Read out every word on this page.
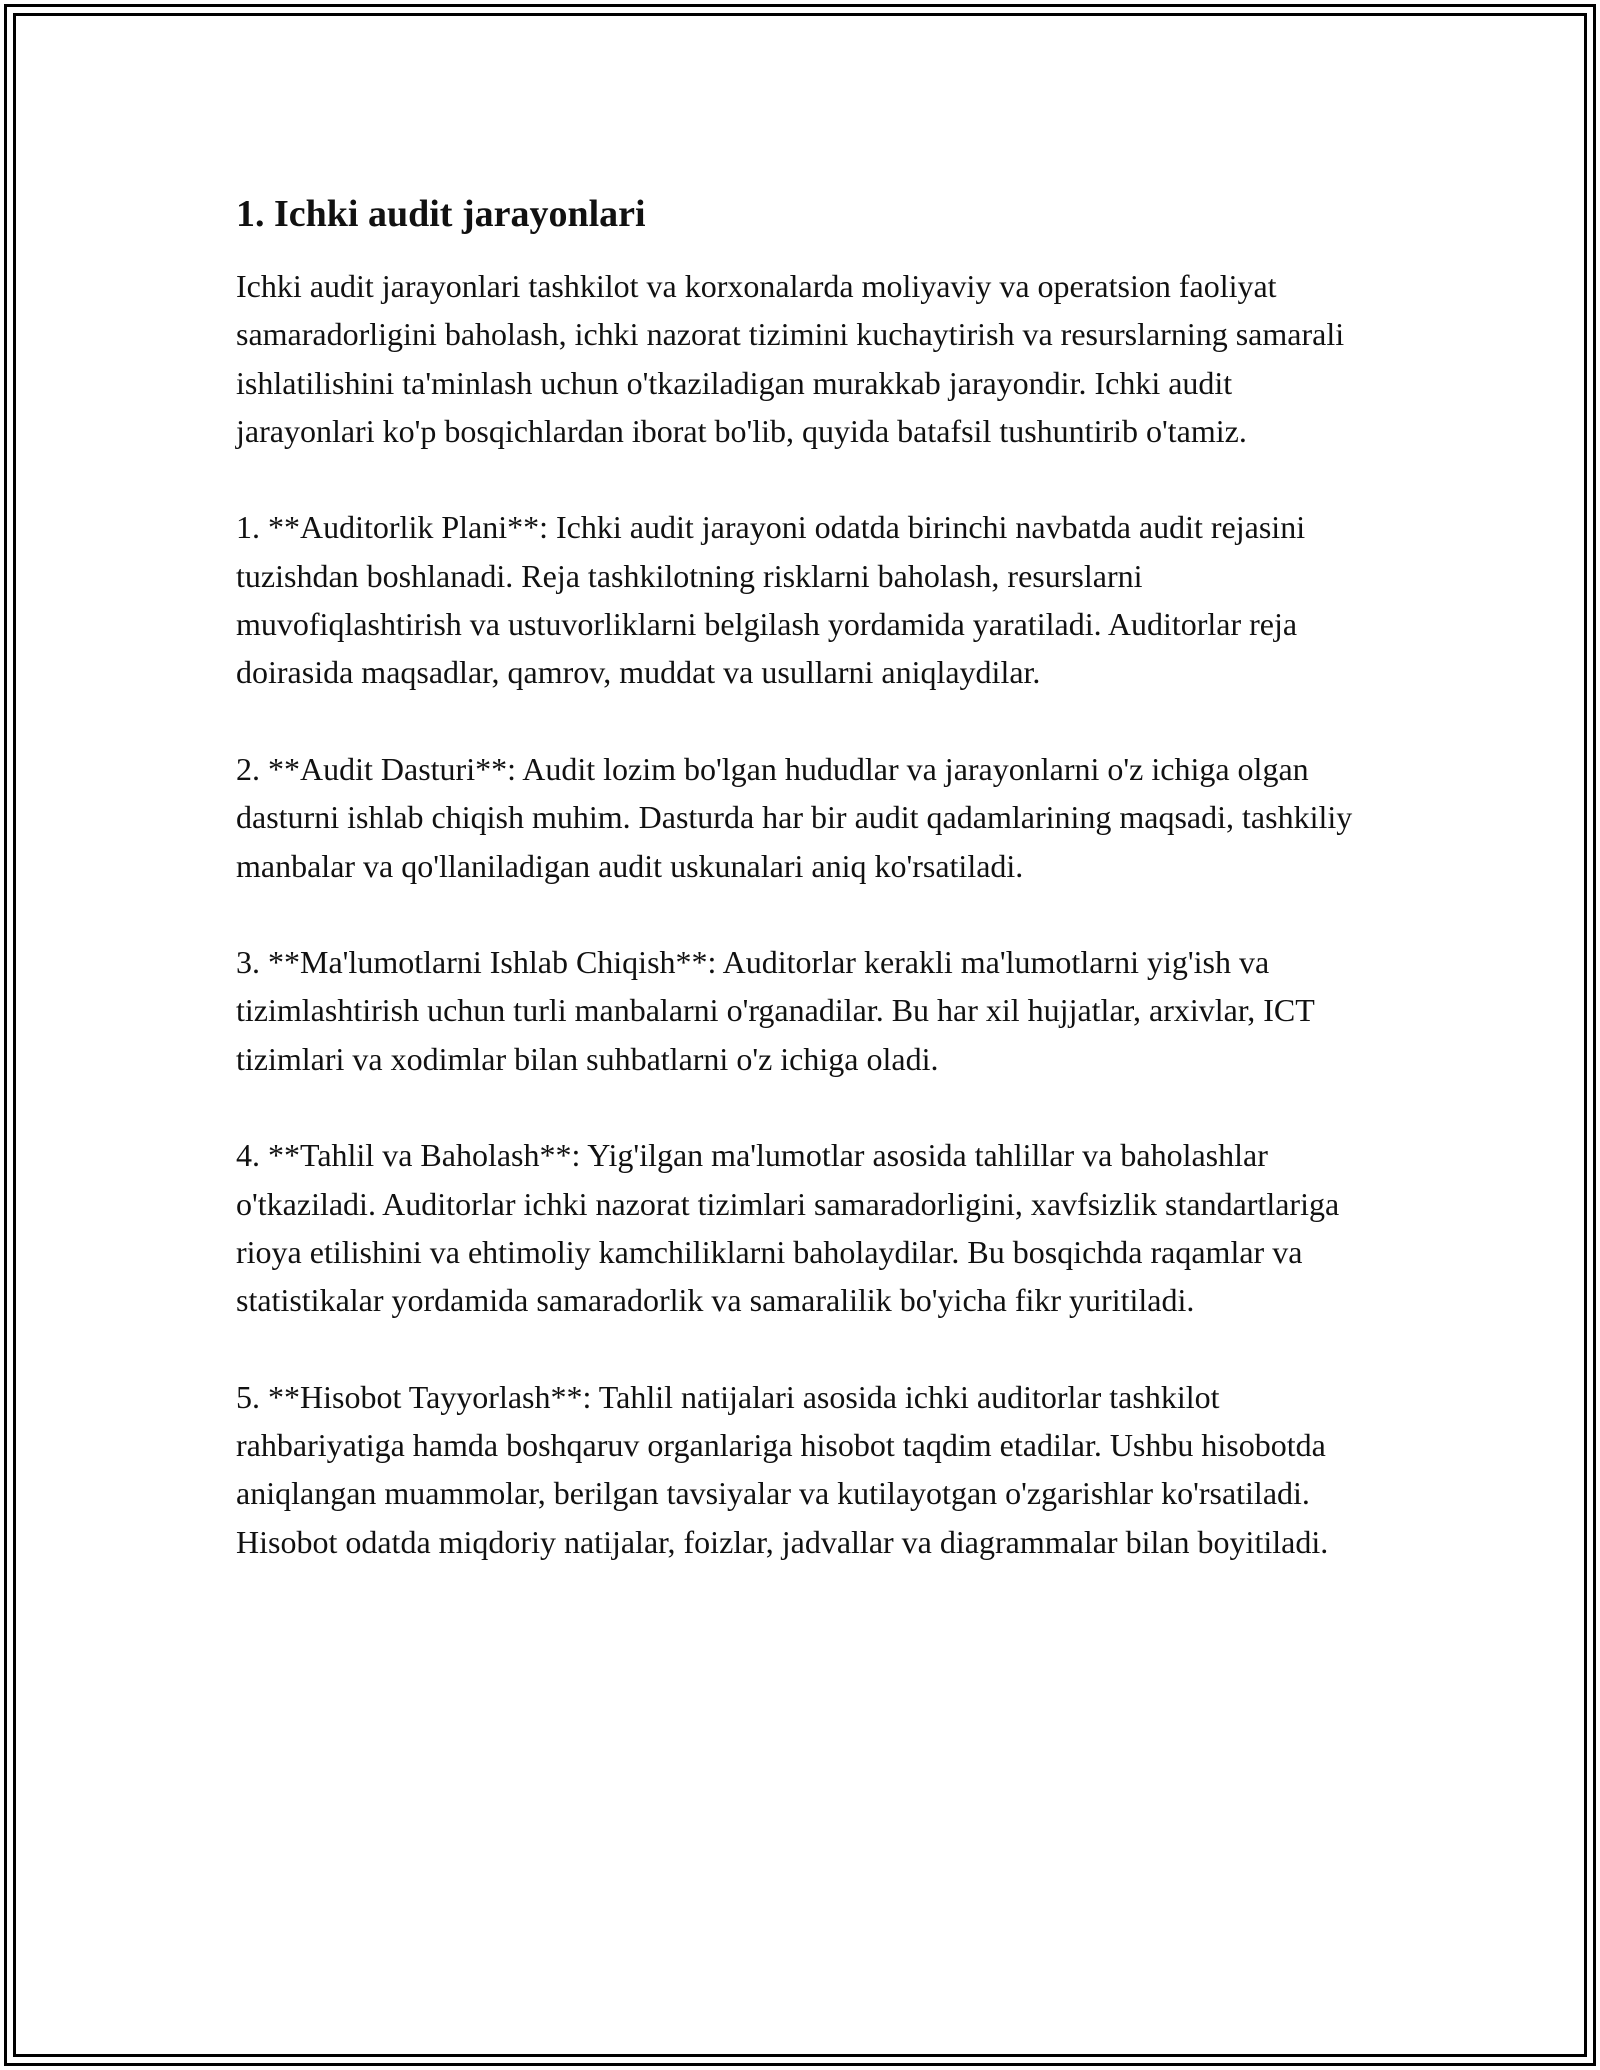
1. Ichki audit jarayonlari

Ichki audit jarayonlari tashkilot va korxonalarda moliyaviy va operatsion faoliyat samaradorligini baholash, ichki nazorat tizimini kuchaytirish va resurslarning samarali ishlatilishini ta'minlash uchun o'tkaziladigan murakkab jarayondir. Ichki audit jarayonlari ko'p bosqichlardan iborat bo'lib, quyida batafsil tushuntirib o'tamiz.

1. **Auditorlik Plani**: Ichki audit jarayoni odatda birinchi navbatda audit rejasini tuzishdan boshlanadi. Reja tashkilotning risklarni baholash, resurslarni muvofiqlashtirish va ustuvorliklarni belgilash yordamida yaratiladi. Auditorlar reja doirasida maqsadlar, qamrov, muddat va usullarni aniqlaydilar.

2. **Audit Dasturi**: Audit lozim bo'lgan hududlar va jarayonlarni o'z ichiga olgan dasturni ishlab chiqish muhim. Dasturda har bir audit qadamlarining maqsadi, tashkiliy manbalar va qo'llaniladigan audit uskunalari aniq ko'rsatiladi.

3. **Ma'lumotlarni Ishlab Chiqish**: Auditorlar kerakli ma'lumotlarni yig'ish va tizimlashtirish uchun turli manbalarni o'rganadilar. Bu har xil hujjatlar, arxivlar, ICT tizimlari va xodimlar bilan suhbatlarni o'z ichiga oladi.

4. **Tahlil va Baholash**: Yig'ilgan ma'lumotlar asosida tahlillar va baholashlar o'tkaziladi. Auditorlar ichki nazorat tizimlari samaradorligini, xavfsizlik standartlariga rioya etilishini va ehtimoliy kamchiliklarni baholaydilar. Bu bosqichda raqamlar va statistikalar yordamida samaradorlik va samaralilik bo'yicha fikr yuritiladi.

5. **Hisobot Tayyorlash**: Tahlil natijalari asosida ichki auditorlar tashkilot rahbariyatiga hamda boshqaruv organlariga hisobot taqdim etadilar. Ushbu hisobotda aniqlangan muammolar, berilgan tavsiyalar va kutilayotgan o'zgarishlar ko'rsatiladi. Hisobot odatda miqdoriy natijalar, foizlar, jadvallar va diagrammalar bilan boyitiladi.
